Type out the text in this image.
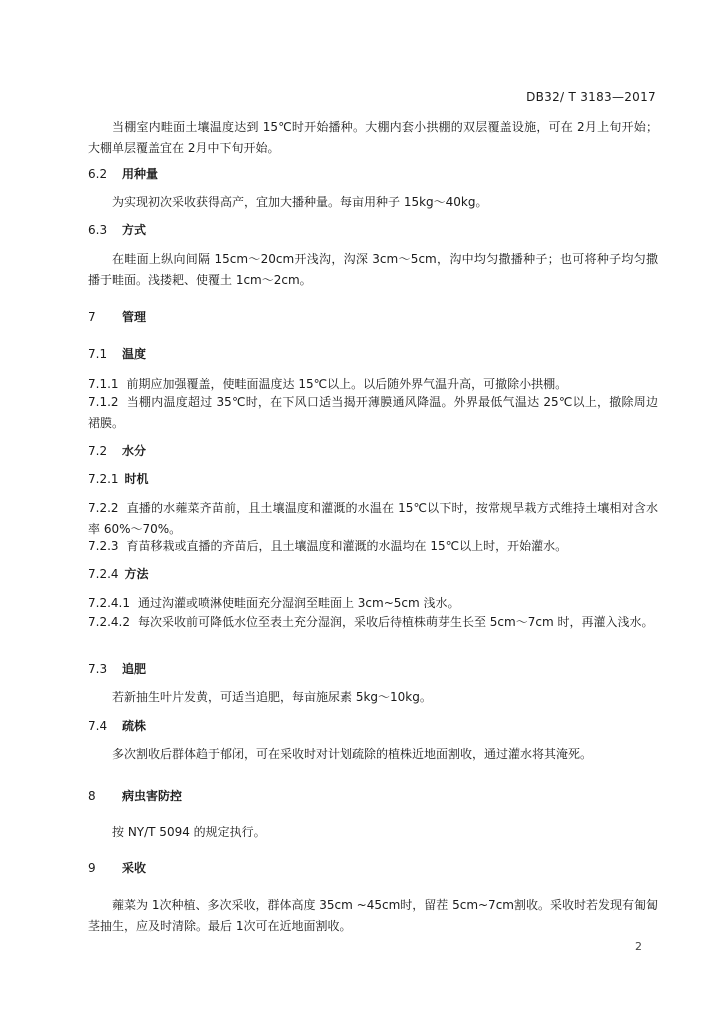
DB32/ T 3183—2017
当棚室内畦面土壤温度达到 15℃时开始播种。大棚内套小拱棚的双层覆盖设施，可在 2月上旬开始；大棚单层覆盖宜在 2月中下旬开始。
6.2 用种量
为实现初次采收获得高产，宜加大播种量。每亩用种子 15kg～40kg。
6.3 方式
在畦面上纵向间隔 15cm～20cm开浅沟，沟深 3cm～5cm，沟中均匀撒播种子；也可将种子均匀撒播于畦面。浅搂耙、使覆土 1cm～2cm。
7 管理
7.1 温度
7.1.1 前期应加强覆盖，使畦面温度达 15℃以上。以后随外界气温升高，可撤除小拱棚。
7.1.2 当棚内温度超过 35℃时，在下风口适当揭开薄膜通风降温。外界最低气温达 25℃以上，撤除周边裙膜。
7.2 水分
7.2.1 时机
7.2.2 直播的水蕹菜齐苗前，且土壤温度和灌溉的水温在 15℃以下时，按常规旱栽方式维持土壤相对含水率 60%～70%。
7.2.3 育苗移栽或直播的齐苗后，且土壤温度和灌溉的水温均在 15℃以上时，开始灌水。
7.2.4 方法
7.2.4.1 通过沟灌或喷淋使畦面充分湿润至畦面上 3cm~5cm 浅水。
7.2.4.2 每次采收前可降低水位至表土充分湿润，采收后待植株萌芽生长至 5cm～7cm 时，再灌入浅水。
7.3 追肥
若新抽生叶片发黄，可适当追肥，每亩施尿素 5kg～10kg。
7.4 疏株
多次割收后群体趋于郁闭，可在采收时对计划疏除的植株近地面割收，通过灌水将其淹死。
8 病虫害防控
按 NY/T 5094 的规定执行。
9 采收
蕹菜为 1次种植、多次采收，群体高度 35cm ~45cm时，留茬 5cm~7cm割收。采收时若发现有匍匐茎抽生，应及时清除。最后 1次可在近地面割收。
2
